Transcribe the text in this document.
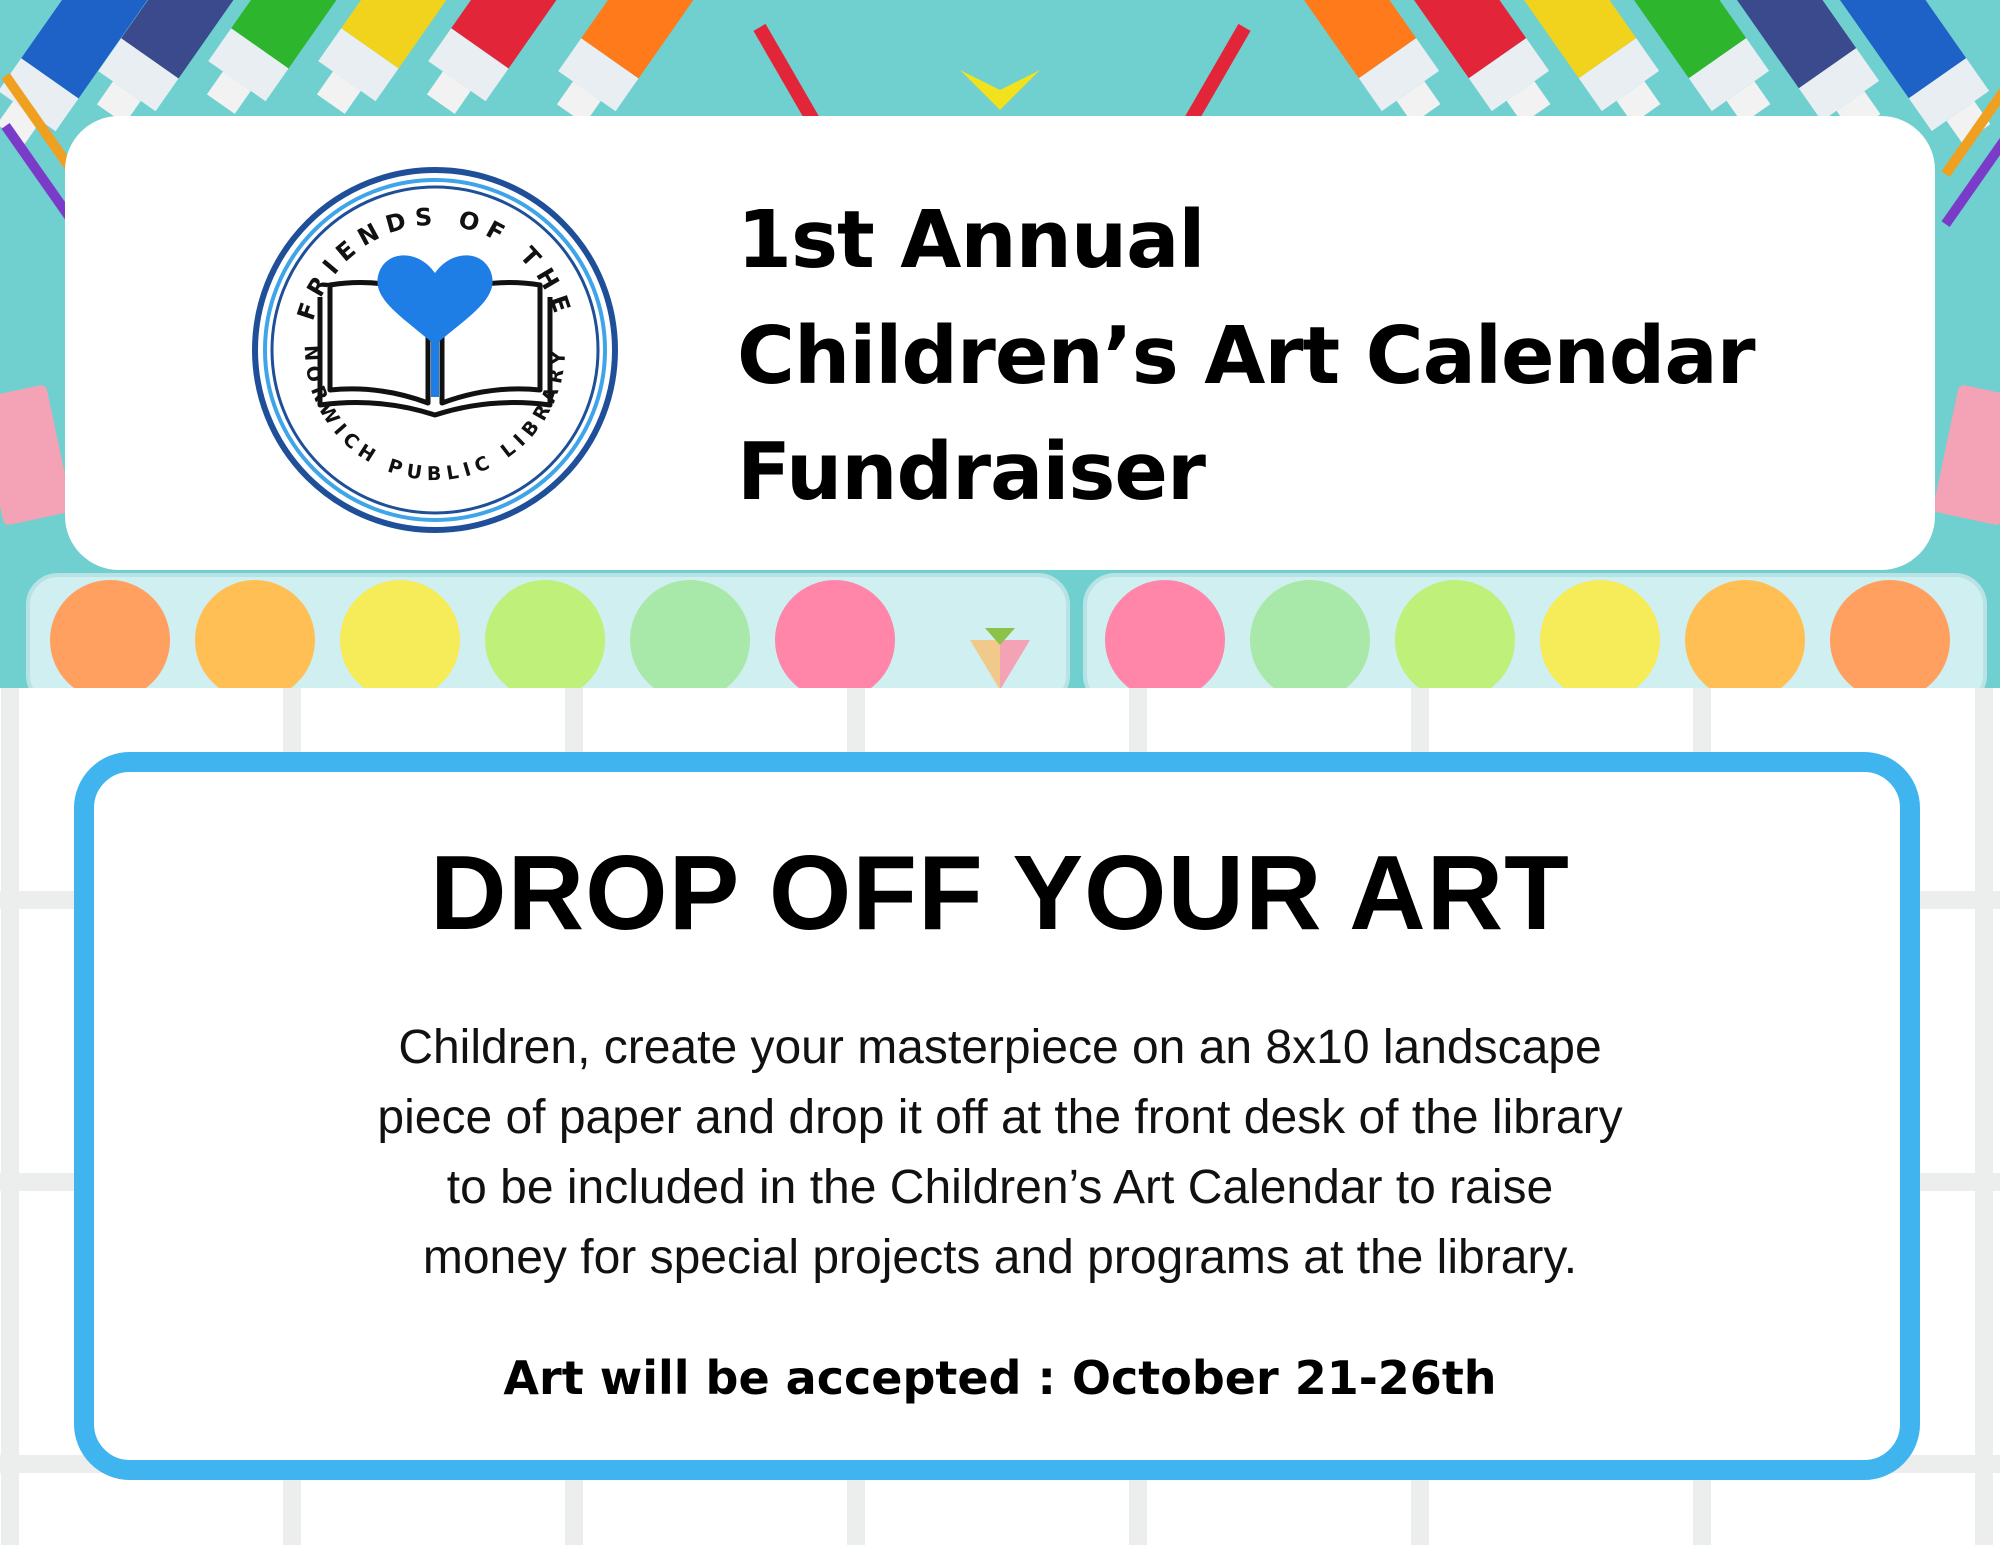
FRIENDS OF THE
NORWICH PUBLIC LIBRARY
1st Annual
Children’s Art Calendar
Fundraiser
DROP OFF YOUR ART
Children, create your masterpiece on an 8x10 landscape
piece of paper and drop it off at the front desk of the library
to be included in the Children’s Art Calendar to raise
money for special projects and programs at the library.
Art will be accepted : October 21-26th
